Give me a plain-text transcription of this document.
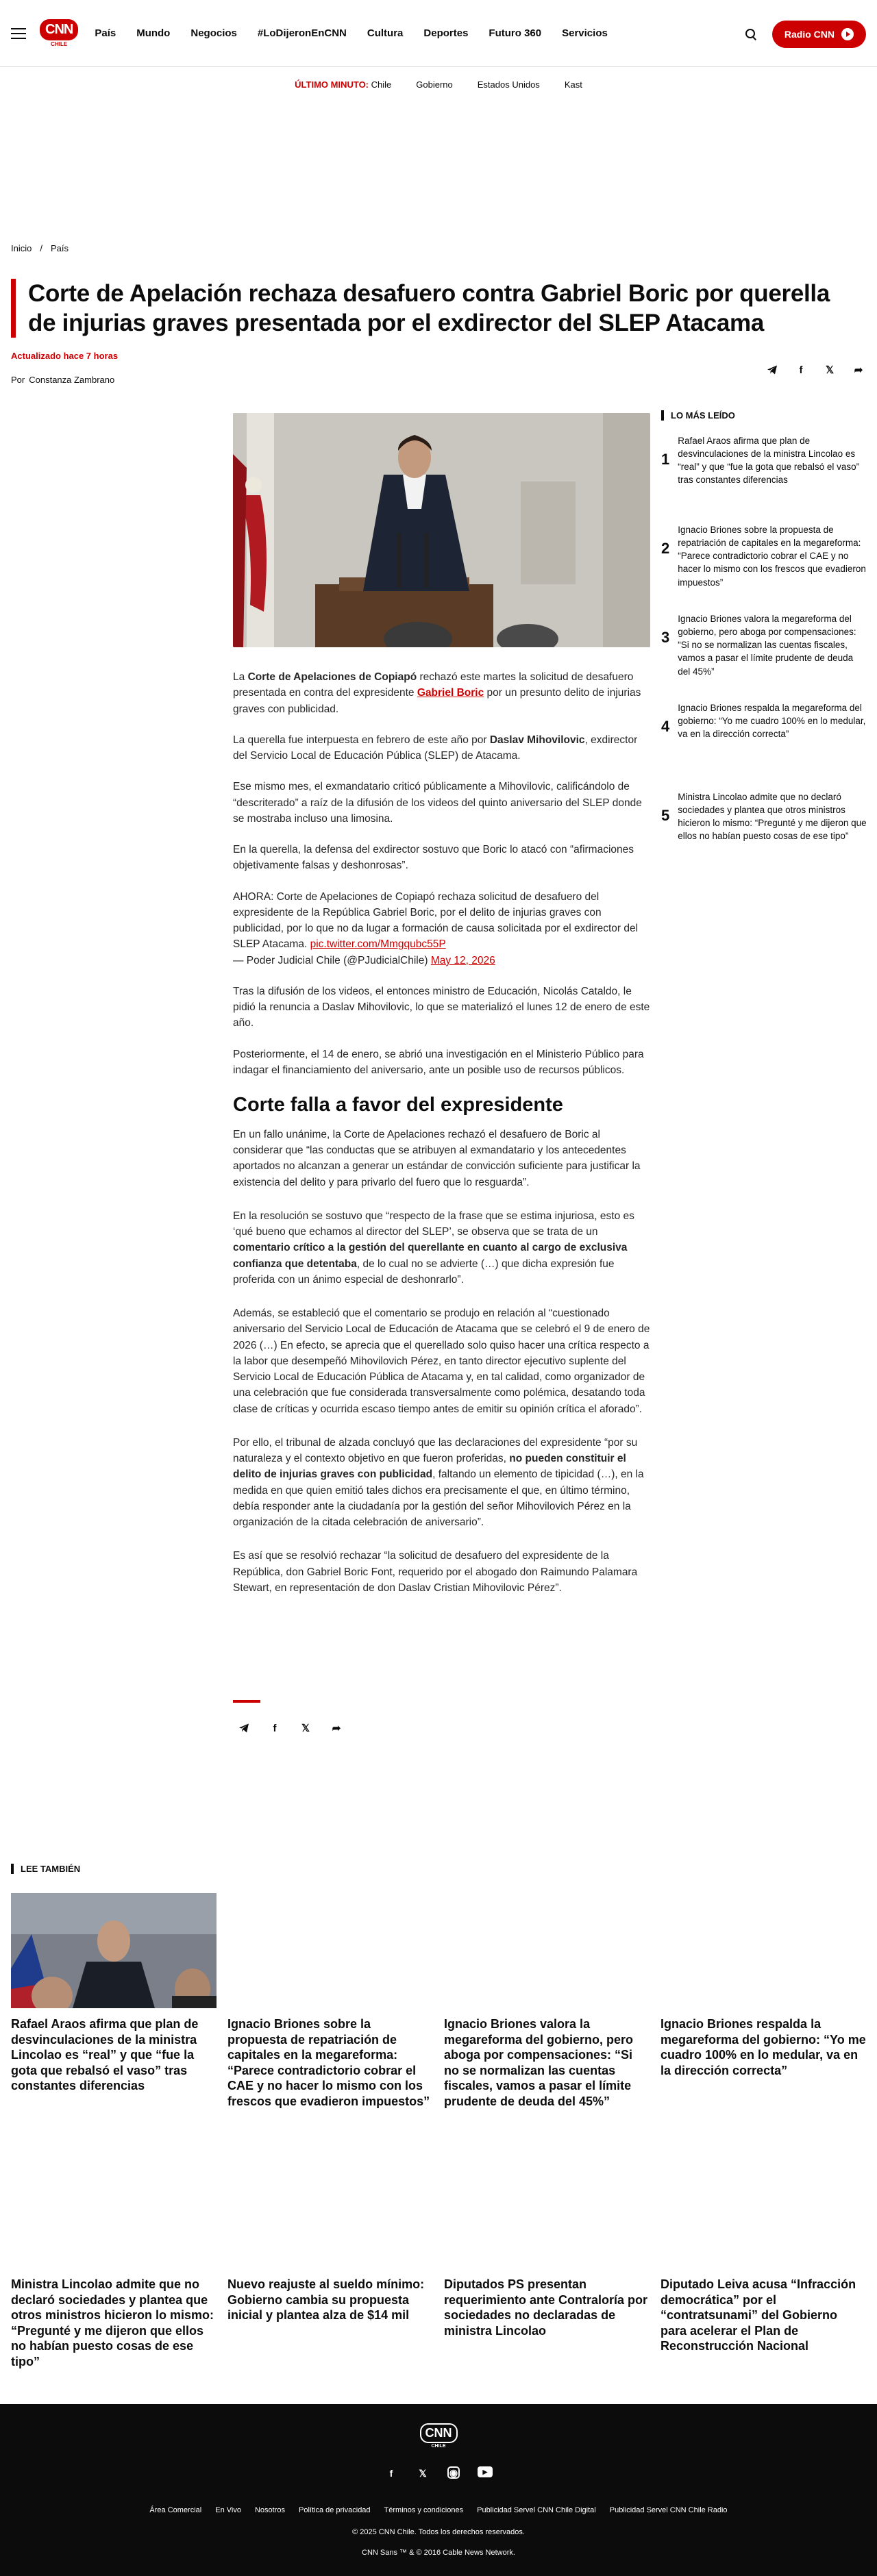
CNN
CHILE
País Mundo Negocios #LoDijeronEnCNN Cultura Deportes Futuro 360 Servicios	Radio CNN
ÚLTIMO MINUTO: Chile	Gobierno	Estados Unidos	Kast
Inicio / País
Corte de Apelación rechaza desafuero contra Gabriel Boric por querella de injurias graves presentada por el exdirector del SLEP Atacama
Actualizado hace 7 horas
Por Constanza Zambrano
f	𝕏	➦

La Corte de Apelaciones de Copiapó rechazó este martes la solicitud de desafuero presentada en contra del expresidente Gabriel Boric por un presunto delito de injurias graves con publicidad.

La querella fue interpuesta en febrero de este año por Daslav Mihovilovic, exdirector del Servicio Local de Educación Pública (SLEP) de Atacama.

Ese mismo mes, el exmandatario criticó públicamente a Mihovilovic, calificándolo de “descriterado” a raíz de la difusión de los videos del quinto aniversario del SLEP donde se mostraba incluso una limosina.

En la querella, la defensa del exdirector sostuvo que Boric lo atacó con “afirmaciones objetivamente falsas y deshonrosas”.

AHORA: Corte de Apelaciones de Copiapó rechaza solicitud de desafuero del expresidente de la República Gabriel Boric, por el delito de injurias graves con publicidad, por lo que no da lugar a formación de causa solicitada por el exdirector del SLEP Atacama. pic.twitter.com/Mmgqubc55P
— Poder Judicial Chile (@PJudicialChile) May 12, 2026

Tras la difusión de los videos, el entonces ministro de Educación, Nicolás Cataldo, le pidió la renuncia a Daslav Mihovilovic, lo que se materializó el lunes 12 de enero de este año.

Posteriormente, el 14 de enero, se abrió una investigación en el Ministerio Público para indagar el financiamiento del aniversario, ante un posible uso de recursos públicos.

Corte falla a favor del expresidente

En un fallo unánime, la Corte de Apelaciones rechazó el desafuero de Boric al considerar que “las conductas que se atribuyen al exmandatario y los antecedentes aportados no alcanzan a generar un estándar de convicción suficiente para justificar la existencia del delito y para privarlo del fuero que lo resguarda”.

En la resolución se sostuvo que “respecto de la frase que se estima injuriosa, esto es ‘qué bueno que echamos al director del SLEP’, se observa que se trata de un comentario crítico a la gestión del querellante en cuanto al cargo de exclusiva confianza que detentaba, de lo cual no se advierte (…) que dicha expresión fue proferida con un ánimo especial de deshonrarlo”.

Además, se estableció que el comentario se produjo en relación al “cuestionado aniversario del Servicio Local de Educación de Atacama que se celebró el 9 de enero de 2026 (…) En efecto, se aprecia que el querellado solo quiso hacer una crítica respecto a la labor que desempeñó Mihovilovich Pérez, en tanto director ejecutivo suplente del Servicio Local de Educación Pública de Atacama y, en tal calidad, como organizador de una celebración que fue considerada transversalmente como polémica, desatando toda clase de críticas y ocurrida escaso tiempo antes de emitir su opinión crítica el aforado”.

Por ello, el tribunal de alzada concluyó que las declaraciones del expresidente “por su naturaleza y el contexto objetivo en que fueron proferidas, no pueden constituir el delito de injurias graves con publicidad, faltando un elemento de tipicidad (…), en la medida en que quien emitió tales dichos era precisamente el que, en último término, debía responder ante la ciudadanía por la gestión del señor Mihovilovich Pérez en la organización de la citada celebración de aniversario”.

Es así que se resolvió rechazar “la solicitud de desafuero del expresidente de la República, don Gabriel Boric Font, requerido por el abogado don Raimundo Palamara Stewart, en representación de don Daslav Cristian Mihovilovic Pérez”.

f	𝕏	➦
LO MÁS LEÍDO
1
Rafael Araos afirma que plan de desvinculaciones de la ministra Lincolao es “real” y que “fue la gota que rebalsó el vaso” tras constantes diferencias
2
Ignacio Briones sobre la propuesta de repatriación de capitales en la megareforma: “Parece contradictorio cobrar el CAE y no hacer lo mismo con los frescos que evadieron impuestos”
3
Ignacio Briones valora la megareforma del gobierno, pero aboga por compensaciones: “Si no se normalizan las cuentas fiscales, vamos a pasar el límite prudente de deuda del 45%”
4
Ignacio Briones respalda la megareforma del gobierno: “Yo me cuadro 100% en lo medular, va en la dirección correcta”
5
Ministra Lincolao admite que no declaró sociedades y plantea que otros ministros hicieron lo mismo: “Pregunté y me dijeron que ellos no habían puesto cosas de ese tipo”
LEE TAMBIÉN
Rafael Araos afirma que plan de desvinculaciones de la ministra Lincolao es “real” y que “fue la gota que rebalsó el vaso” tras constantes diferencias
Ignacio Briones sobre la propuesta de repatriación de capitales en la megareforma: “Parece contradictorio cobrar el CAE y no hacer lo mismo con los frescos que evadieron impuestos”
Ignacio Briones valora la megareforma del gobierno, pero aboga por compensaciones: “Si no se normalizan las cuentas fiscales, vamos a pasar el límite prudente de deuda del 45%”
Ignacio Briones respalda la megareforma del gobierno: “Yo me cuadro 100% en lo medular, va en la dirección correcta”
Ministra Lincolao admite que no declaró sociedades y plantea que otros ministros hicieron lo mismo: “Pregunté y me dijeron que ellos no habían puesto cosas de ese tipo”
Nuevo reajuste al sueldo mínimo: Gobierno cambia su propuesta inicial y plantea alza de $14 mil
Diputados PS presentan requerimiento ante Contraloría por sociedades no declaradas de ministra Lincolao
Diputado Leiva acusa “Infracción democrática” por el “contratsunami” del Gobierno para acelerar el Plan de Reconstrucción Nacional
CNN
CHILE
f	𝕏	◉	▶
Área Comercial En Vivo Nosotros Política de privacidad Términos y condiciones Publicidad Servel CNN Chile Digital Publicidad Servel CNN Chile Radio
© 2025 CNN Chile. Todos los derechos reservados.
CNN Sans ™ & © 2016 Cable News Network.
